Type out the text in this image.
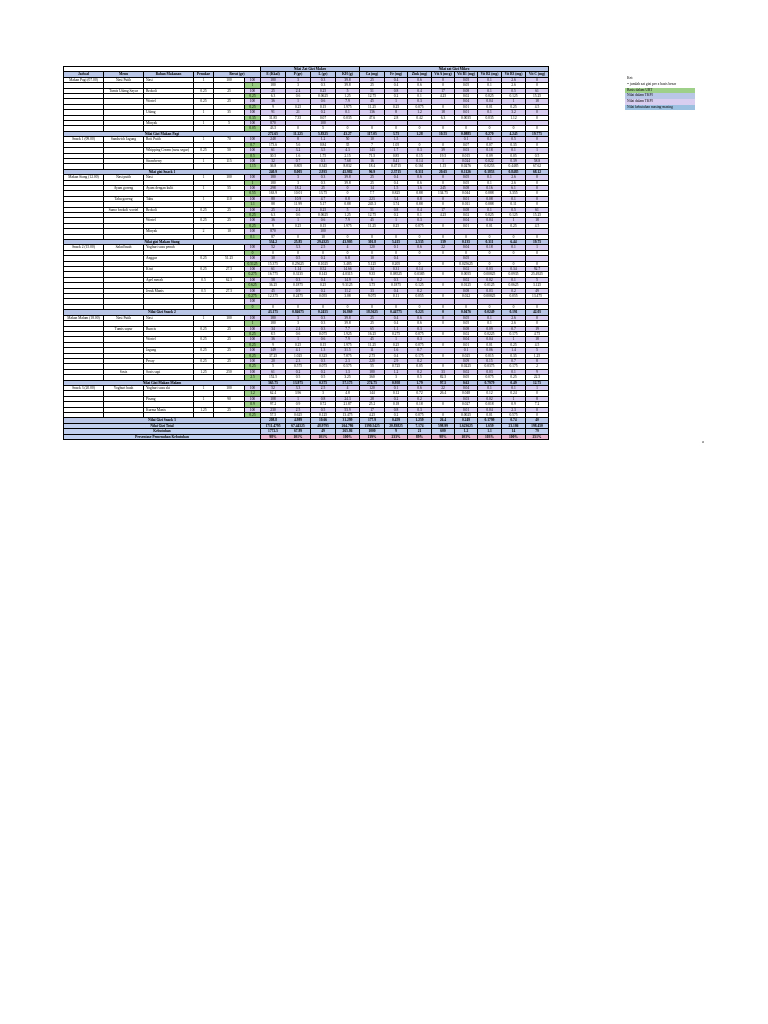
						Nilai Zat Gizi Makro				Nilai zat Gizi Mikro							
Jadwal	Menu	Bahan Makanan	Penukar	Berat (gr)		E (Kkal)	P (gr)	L (gr)	KH (g)	Ca (mg)	Fe (mg)	Zink (mg)	Vit A (mcg)	Vit B1 (mg)	Vit B2 (mg)	Vit B3 (mg)	Vit C (mg)
Makan Pagi (07.00)	Nasi Putih	Nasi	1	100	100	180	3	0.3	39.8	25	0.4	0.6	0	0.05	0.1	2.6	0
					1	180	3	0.3	39.8	25	0.4	0.6	0	0.05	0.1	2.6	0
	Tumis Udang Sayur	Brokoli	0.25	25	100	25	2.4	0.25	5	51	0.8	0.4	17	0.08	0.1	0.5	61
					0.25	6.3	0.6	0.0625	1.25	12.75	0.2	0.1	4.25	0.02	0.025	0.125	15.25
		Wortel	0.25	25	100	36	1	0.6	7.9	45	1	0.3		0.04	0.04	1	18
					0.25	9	0.25	0.15	1.975	11.25	0.25	0.075	0	0.01	0.01	0.25	4.5
		Udang	1	35	100	91	21	0.2	0.1	136	8	1.2	18	0.01	0.1	3.2	0
					0.35	31.85	7.35	0.07	0.035	47.6	2.8	0.42	6.3	0.0035	0.035	1.12	0
		Minyak	1	5	100	870		100									
					0.05	43.5	0	5	0	0	0	0	0	0	0	0	0
Nilai Gizi Makan Pagi						272.65	11.225	5.8325	43.27	117.05	3.75	1.28	10.55	0.0885	0.270	4.245	19.775
Snack 1 (09.00)	Sandwich Jagung	Roti Putih	1	70	100	248	8	1.2	50	10	1.5			0.1	0.1	0.5	0
					0.7	173.6	5.6	0.84	35	7	1.05	0	0	0.07	0.07	0.35	0
		Whipping Cream (susu segar)	0.25	50	100	61	3.2	3.5	4.3	143	1.7	0.3	39	0.03	0.18	0.1	1
					0.5	30.5	1.6	1.75	2.15	71.5	0.85	0.15	19.5	0.015	0.09	0.05	0.5
		Strawberry	1	115	100	32	0.7	0.3	7.68	16	0.41	0.14	1	0.024	0.022	0.39	58.8
					1.15	36.8	0.805	0.345	8.832	18.4	0.4715	0.161	1.15	0.0276	0.0253	0.4485	67.62
Nilai gizi Snack 1						240.9	8.005	2.935	45.982	96.9	2.3715	0.311	20.65	0.1126	0.1853	0.8485	68.12
Makan Siang (12.00)	Nasi putih	Nasi	1	100	100	180	3	0.3	39.8	25	0.4	0.6	0	0.05	0.1	2.6	0
					1	180	3	0.3	39.8	25	0.4	0.6	0	0.05	0.1	2.6	0
	Ayam goreng	Ayam dengan kulit	1	55	100	298	18.2	25	0	14	1.5	1.6	245	0.08	0.16	6.1	0
					0.55	163.9	10.01	13.75	0	7.7	0.825	0.88	134.75	0.044	0.088	3.355	0
	Tahu goreng	Tahu	1	110	100	80	10.9	4.7	0.8	223	3.4	0.8	0	0.01	0.08	0.1	0
					1.1	88	11.99	5.17	0.88	245.3	3.74	0.88	0	0.011	0.088	0.11	0
	Sumo brokoli wortel	Brokoli	0.25	25	100	25	2.4	0.25	5	51	0.8	0.4	17	0.08	0.1	0.5	61
					0.25	6.3	0.6	0.0625	1.25	12.75	0.2	0.1	4.25	0.02	0.025	0.125	15.25
		Wortel	0.25	25	100	36	1	0.6	7.9	45	1	0.3		0.04	0.04	1	18
					0.25	9	0.25	0.15	1.975	11.25	0.25	0.075	0	0.01	0.01	0.25	4.5
		Minyak	2	10	100	870		100									
					0.1	87	0	10	0	0	0	0	0	0	0	0	0
Nilai gizi Makan Siang						534.2	25.85	29.4325	43.905	301.8	5.415	2.535	139	0.135	0.311	6.44	19.75
Snack 2 (15.00)	Salad buah	Yoghurt susu penuh			100	52	3.3	2.5	4	120	0.1	0.6	22	0.04	0.18	0.1	1
					0	0	0	0	0	0	0	0	0	0	0	0	0
		Anggur	0.25	51.25	100	30	0.5	0.2	6.8	10	0.4			0.05			
					0.5125	15.375	0.25625	0.1025	3.485	5.125	0.205	0	0	0.025625	0	0	0
		Kiwi	0.25	27.5	100	61	1.14	0.52	14.66	34	0.31	0.14		0.02	0.03	0.34	92.7
					0.275	16.775	0.3135	0.143	4.0315	9.35	0.08525	0.0385	0	0.0055	0.00825	0.0935	25.4925
		Apel merah	0.5	62.5	100	58	0.3	0.4	14.9	6	0.3	0.2		0.02	0.02	0.1	5
					0.625	36.25	0.1875	0.25	9.3125	3.75	0.1875	0.125	0	0.0125	0.0125	0.0625	3.125
		Jeruk Manis	0.5	27.5	100	45	0.9	0.2	11.2	33	0.4	0.2		0.08	0.03	0.2	49
					0.275	12.375	0.2475	0.055	3.08	9.075	0.11	0.055	0	0.022	0.00825	0.055	13.475
					100												
					0	0	0	0	0	0	0	0	0	0	0	0	0
Nilai Gizi Snack 2						43.175	0.84675	0.2455	16.869	18.5625	0.44775	0.223	0	0.0476	0.0249	0.191	42.05
Makan Malam (18.00)	Nasi Putih	Nasi	1	100	100	180	3	0.3	39.8	25	0.4	0.6	0	0.05	0.1	2.6	0
					1	180	3	0.3	39.8	25	0.4	0.6	0	0.05	0.1	2.6	0
	Tumis sayur	Buncis	0.25	25	100	34	2.4	0.3	7.7	65	1.1	0.3		0.08	0.09	0.7	19
					0.25	8.5	0.6	0.075	1.925	16.25	0.275	0.075	0	0.02	0.0225	0.175	4.75
		Wortel	0.25	25	100	36	1	0.6	7.9	45	1	0.3		0.04	0.04	1	18
					0.25	9	0.25	0.15	1.975	11.25	0.25	0.075	0	0.01	0.01	0.25	4.5
		Jagung	0.25	25	100	149	4.1	1.3	31.5	11	1.6	0.7		0.1	0.06	1.4	5
					0.25	37.25	1.025	0.325	7.875	2.75	0.4	0.175	0	0.025	0.015	0.35	1.25
		Pecay	0.25	25	100	20	2.3	0.3	2.3	220	2.9	0.2		0.09	0.15	0.7	8
					0.25	5	0.575	0.075	0.575	55	0.725	0.05	0	0.0225	0.0375	0.175	2
	Sosis	Sosis sapi	1.25	250	100	61	0.2	0.2	1.3	180	1.2	0.2	33	0.02	0.03	0.1	9
					2.5	152.5	0.5	0.5	3.25	360	3	0.5	82.5	0.05	0.075	0.25	22.5
Nilai Gizi Makan Malam						365.75	13.975	0.375	57.175	274.75	0.958	1.79	97.5	0.62	0.7979	0.49	12.75
Snack 3 (20.00)	Yoghurt buah	Yoghurt susu skt	1	100	100	52	3.3	2.5	4	120	0.1	0.6	22	0.04	0.1	0.1	1
					1.2	62.4	3.96	3	4.8	144	0.12	0.72	26.4	0.048	0.12	0.24	0
		Pisang	1	90	100	108	1	0.8	24.3	28	0.2	0.2		0.03	0.02	1	8
					0.9	97.2	0.9	0.72	21.87	25.2	0.18	0.18	0	0.027	0.018	0.9	7.2
		Kurma Manis	1.25	25	100	230	2.5	0.5	53.9	17	0.8	0.3		0.01	0.04	2.3	0
					0.25	57.5	0.625	0.125	13.475	4.25	0.2	0.075	0	0.0025	0.01	0.575	0
Nilai Gizi Snack 3						208.8	4.989	10.66	31.299	177.9	0.459	1.259	26.4	0.249	0.1799	0.74	40
Nilai Gizi Total						1711.4795	67.44525	48.9795	264.786	1390.5425	20.83825	7.174	598.99	1.623625	1.659	23.186	198.450
Kebutuhan						1772.5	67.89	49	265.86	1000	9	21	600	1.2	1.1	14	79
Persentase Pemenuhan Kebutuhan						98%	101%	101%	100%	139%	233%	89%	98%	103%	103%	100%	251%
Ket:
= jumlah zat gizi per x basis besar
Basis dalam URT
Nilai dalam TKPI
Nilai dalam TKPI
Nilai kebutuhan masing-masing
a
